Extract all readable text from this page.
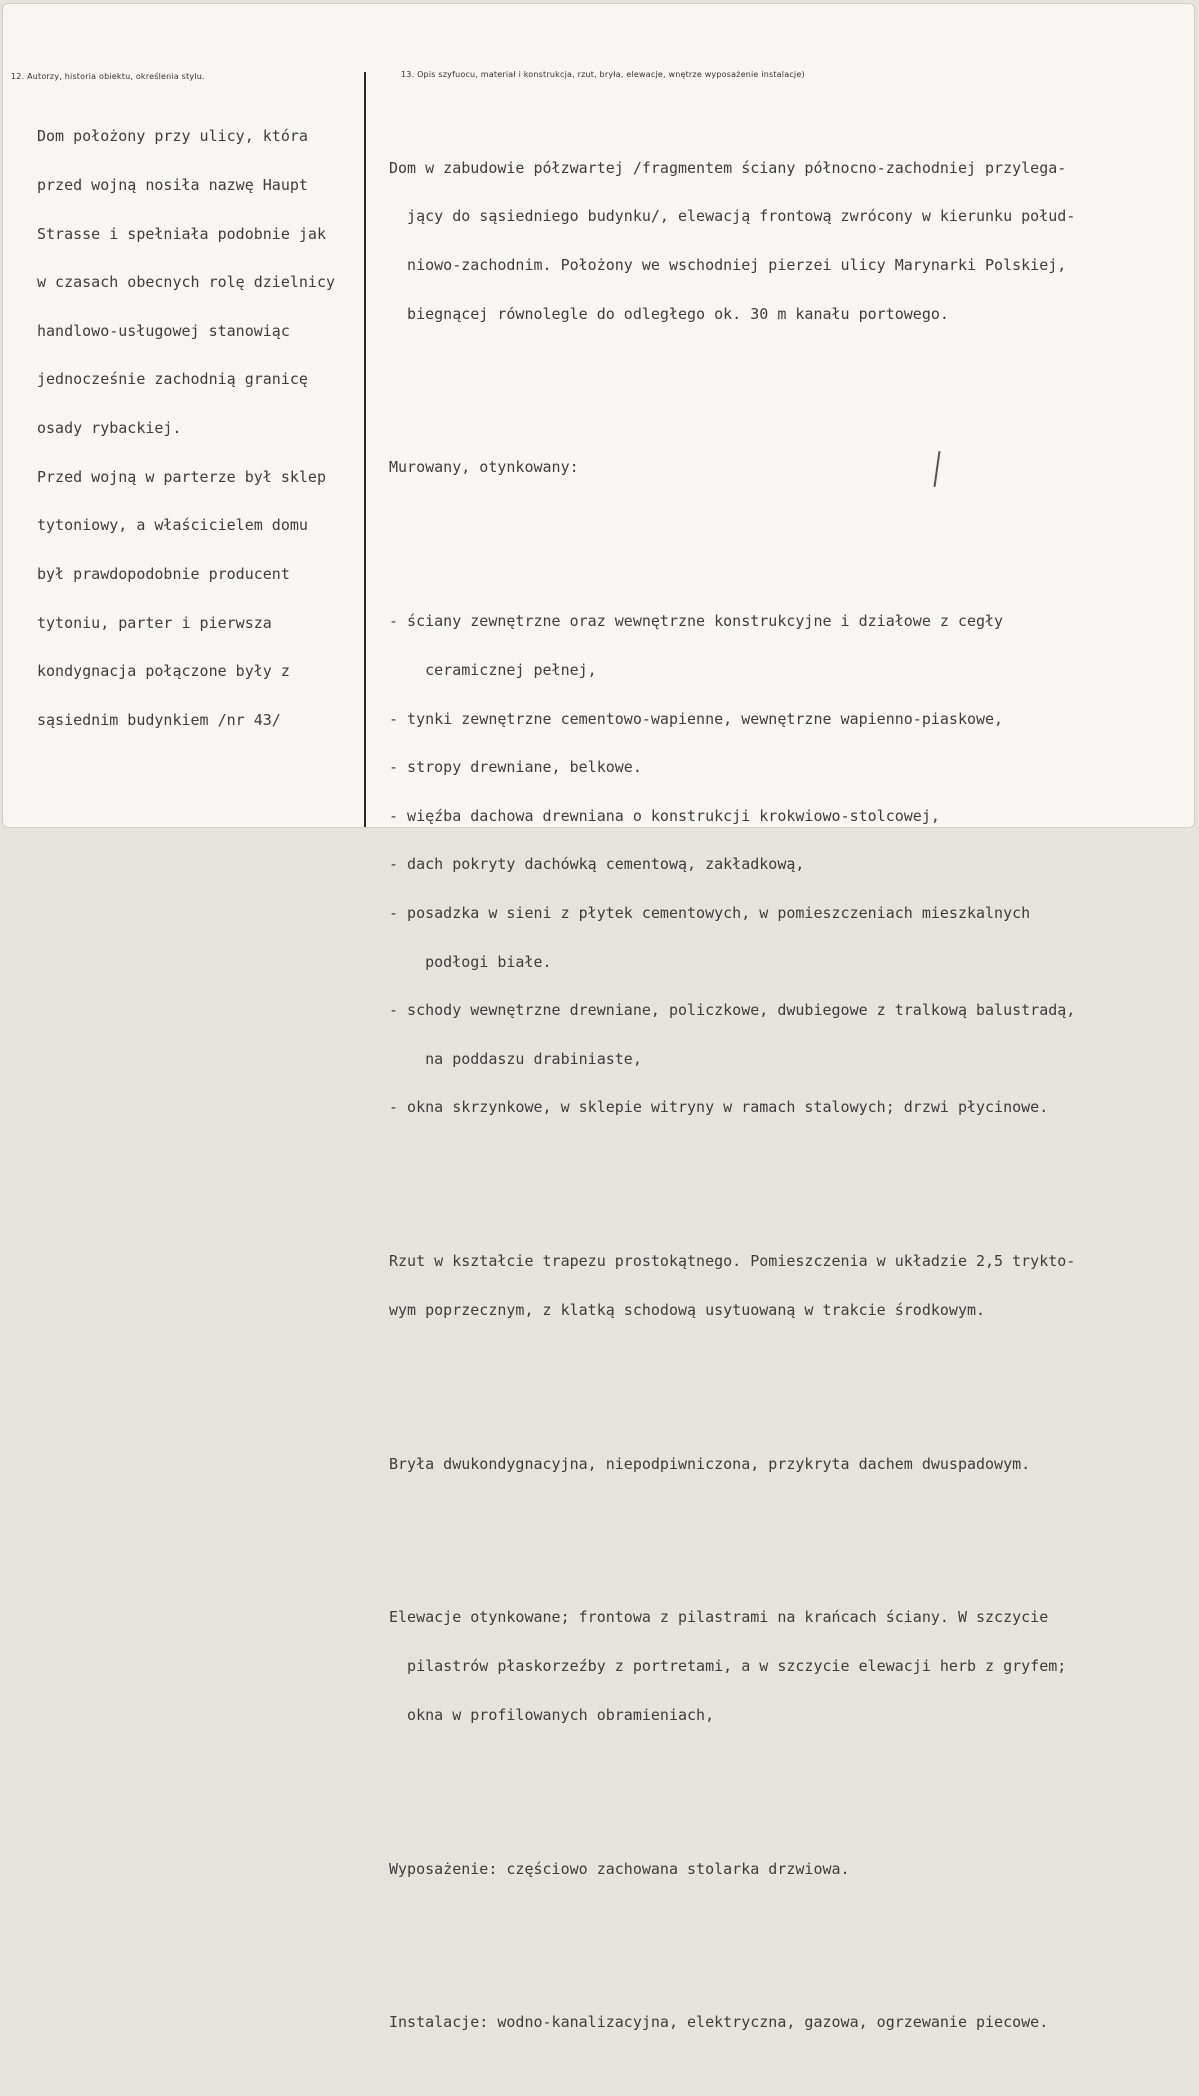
12. Autorzy, historia obiektu, określenia stylu.	13. Opis szyfuocu, materiał i konstrukcja, rzut, bryła, elewacje, wnętrze wyposażenie instalacje)

Dom położony przy ulicy, która

przed wojną nosiła nazwę Haupt

Strasse i spełniała podobnie jak

w czasach obecnych rolę dzielnicy

handlowo-usługowej stanowiąc

jednocześnie zachodnią granicę

osady rybackiej.

Przed wojną w parterze był sklep

tytoniowy, a właścicielem domu

był prawdopodobnie producent

tytoniu, parter i pierwsza

kondygnacja połączone były z

sąsiednim budynkiem /nr 43/

Dom w zabudowie półzwartej /fragmentem ściany północno-zachodniej przylega-

jący do sąsiedniego budynku/, elewacją frontową zwrócony w kierunku połud-

niowo-zachodnim. Położony we wschodniej pierzei ulicy Marynarki Polskiej,

biegnącej równolegle do odległego ok. 30 m kanału portowego.

Murowany, otynkowany:

- ściany zewnętrzne oraz wewnętrzne konstrukcyjne i działowe z cegły

ceramicznej pełnej,

- tynki zewnętrzne cementowo-wapienne, wewnętrzne wapienno-piaskowe,

- stropy drewniane, belkowe.

- więźba dachowa drewniana o konstrukcji krokwiowo-stolcowej,

- dach pokryty dachówką cementową, zakładkową,

- posadzka w sieni z płytek cementowych, w pomieszczeniach mieszkalnych

podłogi białe.

- schody wewnętrzne drewniane, policzkowe, dwubiegowe z tralkową balustradą,

na poddaszu drabiniaste,

- okna skrzynkowe, w sklepie witryny w ramach stalowych; drzwi płycinowe.

Rzut w kształcie trapezu prostokątnego. Pomieszczenia w układzie 2,5 trykto-

wym poprzecznym, z klatką schodową usytuowaną w trakcie środkowym.

Bryła dwukondygnacyjna, niepodpiwniczona, przykryta dachem dwuspadowym.

Elewacje otynkowane; frontowa z pilastrami na krańcach ściany. W szczycie

pilastrów płaskorzeźby z portretami, a w szczycie elewacji herb z gryfem;

okna w profilowanych obramieniach,

Wyposażenie: częściowo zachowana stolarka drzwiowa.

Instalacje: wodno-kanalizacyjna, elektryczna, gazowa, ogrzewanie piecowe.
